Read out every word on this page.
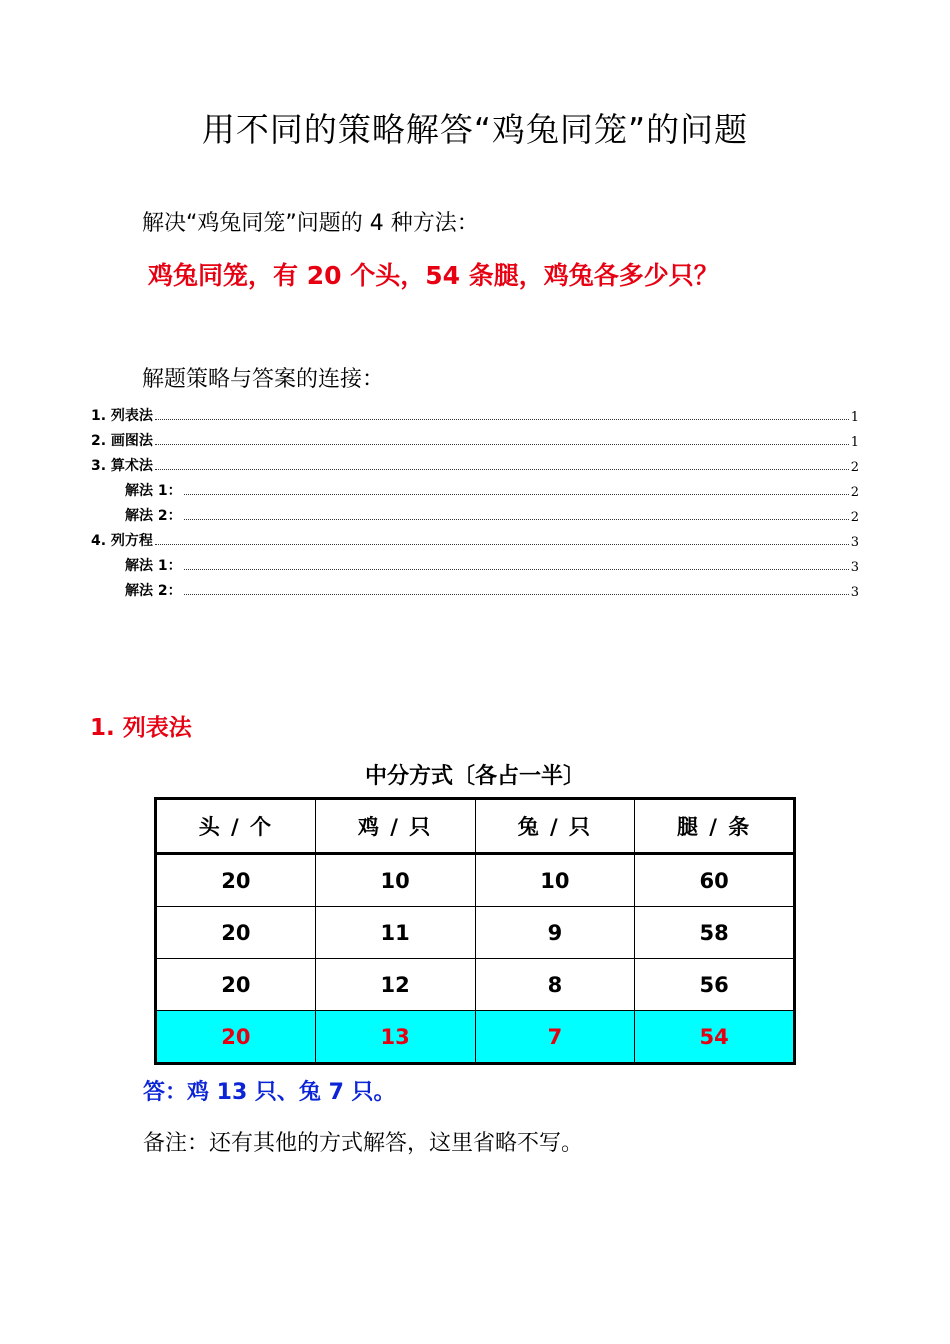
用不同的策略解答“鸡兔同笼”的问题
解决“鸡兔同笼”问题的 4 种方法：
鸡兔同笼，有 20 个头，54 条腿，鸡兔各多少只？
解题策略与答案的连接：
1. 列表法	1
2. 画图法	1
3. 算术法	2
解法 1：	2
解法 2：	2
4. 列方程	3
解法 1：	3
解法 2：	3
1. 列表法
中分方式〔各占一半〕
头 / 个	鸡 / 只	兔 / 只	腿 / 条
20	10	10	60
20	11	9	58
20	12	8	56
20	13	7	54
答：鸡 13 只、兔 7 只。
备注：还有其他的方式解答，这里省略不写。
